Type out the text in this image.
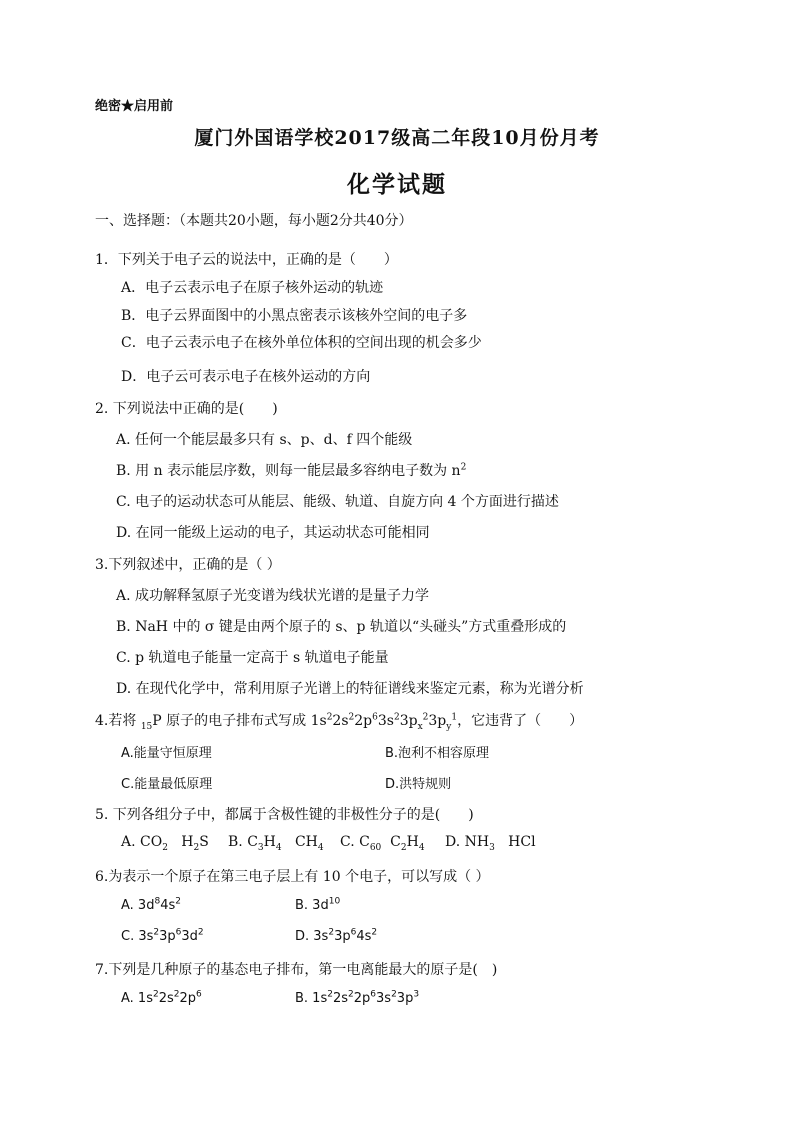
绝密★启用前
厦门外国语学校2017级高二年段10月份月考
化学试题
一、选择题：（本题共20小题，每小题2分共40分）
1．下列关于电子云的说法中，正确的是（　　）
A．电子云表示电子在原子核外运动的轨迹
B．电子云界面图中的小黑点密表示该核外空间的电子多
C．电子云表示电子在核外单位体积的空间出现的机会多少
D．电子云可表示电子在核外运动的方向
2. 下列说法中正确的是(　　)
A. 任何一个能层最多只有 s、p、d、f 四个能级
B. 用 n 表示能层序数，则每一能层最多容纳电子数为 $n^2$
C. 电子的运动状态可从能层、能级、轨道、自旋方向 4 个方面进行描述
D. 在同一能级上运动的电子，其运动状态可能相同
3.下列叙述中，正确的是（ ）
A. 成功解释氢原子光变谱为线状光谱的是量子力学
B. NaH 中的 σ 键是由两个原子的 s、p 轨道以“头碰头”方式重叠形成的
C. p 轨道电子能量一定高于 s 轨道电子能量
D. 在现代化学中，常利用原子光谱上的特征谱线来鉴定元素，称为光谱分析
4.若将 $_{15}$P 原子的电子排布式写成 $1s^22s^22p^63s^23p_x^23p_y^1$，它违背了（　　）
A.能量守恒原理	B.泡利不相容原理
C.能量最低原理	D.洪特规则
5. 下列各组分子中，都属于含极性键的非极性分子的是(　　)
A. $CO_2$   $H_2S$ B. $C_3H_4$   $CH_4$ C. $C_{60}$  $C_2H_4$ D. $NH_3$   HCl
6.为表示一个原子在第三电子层上有 10 个电子，可以写成（ ）
A. $3d^84s^2$	B. $3d^{10}$
C. $3s^23p^63d^2$	D. $3s^23p^64s^2$
7.下列是几种原子的基态电子排布，第一电离能最大的原子是(　)
A. $1s^22s^22p^6$	B. $1s^22s^22p^63s^23p^3$
